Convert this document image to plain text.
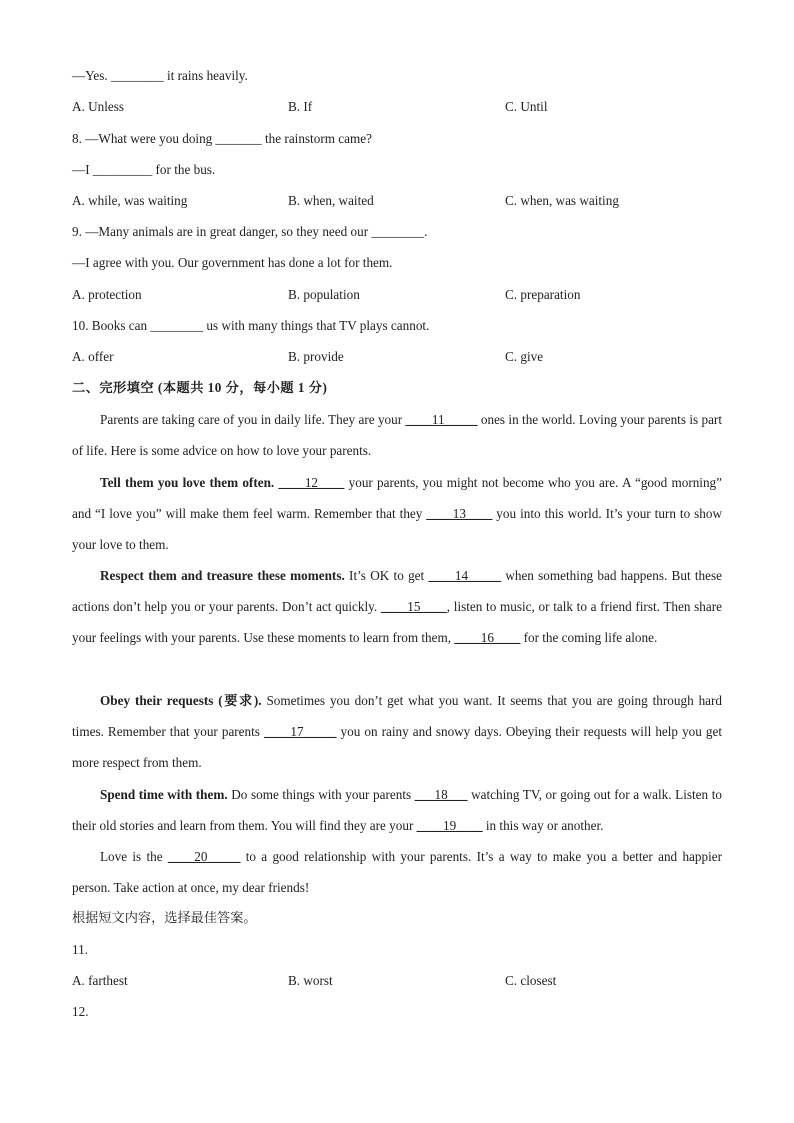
—Yes. ________ it rains heavily.
A. Unless	B. If	C. Until
8. —What were you doing _______ the rainstorm came?
—I _________ for the bus.
A. while, was waiting	B. when, waited	C. when, was waiting
9. —Many animals are in great danger, so they need our ________.
—I agree with you. Our government has done a lot for them.
A. protection	B. population	C. preparation
10. Books can ________ us with many things that TV plays cannot.
A. offer	B. provide	C. give
二、完形填空 (本题共 10 分，每小题 1 分)
Parents are taking care of you in daily life. They are your ____11_____ ones in the world. Loving your parents is part of life. Here is some advice on how to love your parents.
Tell them you love them often. ____12____ your parents, you might not become who you are. A “good morning” and “I love you” will make them feel warm. Remember that they ____13____ you into this world. It’s your turn to show your love to them.
Respect them and treasure these moments. It’s OK to get ____14_____ when something bad happens. But these actions don’t help you or your parents. Don’t act quickly. ____15____, listen to music, or talk to a friend first. Then share your feelings with your parents. Use these moments to learn from them, ____16____ for the coming life alone.
Obey their requests (要求). Sometimes you don’t get what you want. It seems that you are going through hard times. Remember that your parents ____17_____ you on rainy and snowy days. Obeying their requests will help you get more respect from them.
Spend time with them. Do some things with your parents ___18___ watching TV, or going out for a walk. Listen to their old stories and learn from them. You will find they are your ____19____ in this way or another.
Love is the ____20_____ to a good relationship with your parents. It’s a way to make you a better and happier person. Take action at once, my dear friends!
根据短文内容，选择最佳答案。
11.
A. farthest	B. worst	C. closest
12.
